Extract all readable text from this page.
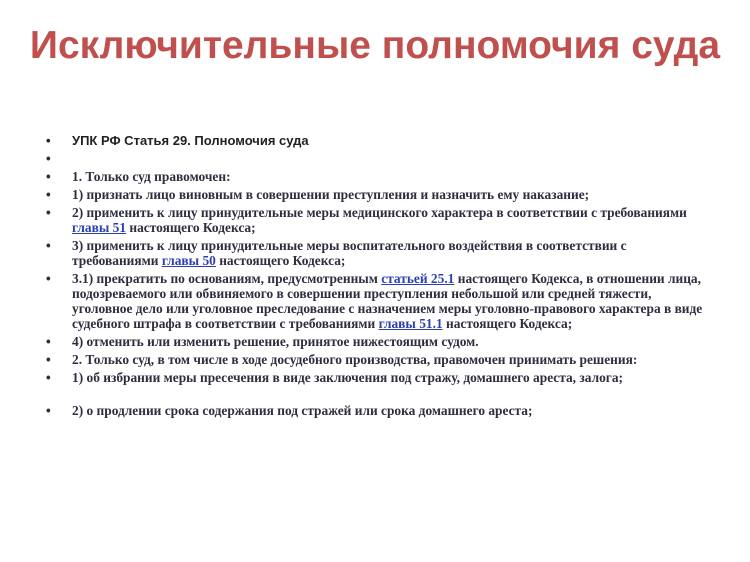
Исключительные полномочия суда
• УПК РФ Статья 29. Полномочия суда
•
• 1. Только суд правомочен:
• 1) признать лицо виновным в совершении преступления и назначить ему наказание;
• 2) применить к лицу принудительные меры медицинского характера в соответствии с требованиями главы 51 настоящего Кодекса;
• 3) применить к лицу принудительные меры воспитательного воздействия в соответствии с требованиями главы 50 настоящего Кодекса;
• 3.1) прекратить по основаниям, предусмотренным статьей 25.1 настоящего Кодекса, в отношении лица, подозреваемого или обвиняемого в совершении преступления небольшой или средней тяжести, уголовное дело или уголовное преследование с назначением меры уголовно-правового характера в виде судебного штрафа в соответствии с требованиями главы 51.1 настоящего Кодекса;
• 4) отменить или изменить решение, принятое нижестоящим судом.
• 2. Только суд, в том числе в ходе досудебного производства, правомочен принимать решения:
• 1) об избрании меры пресечения в виде заключения под стражу, домашнего ареста, залога;
• 2) о продлении срока содержания под стражей или срока домашнего ареста;
